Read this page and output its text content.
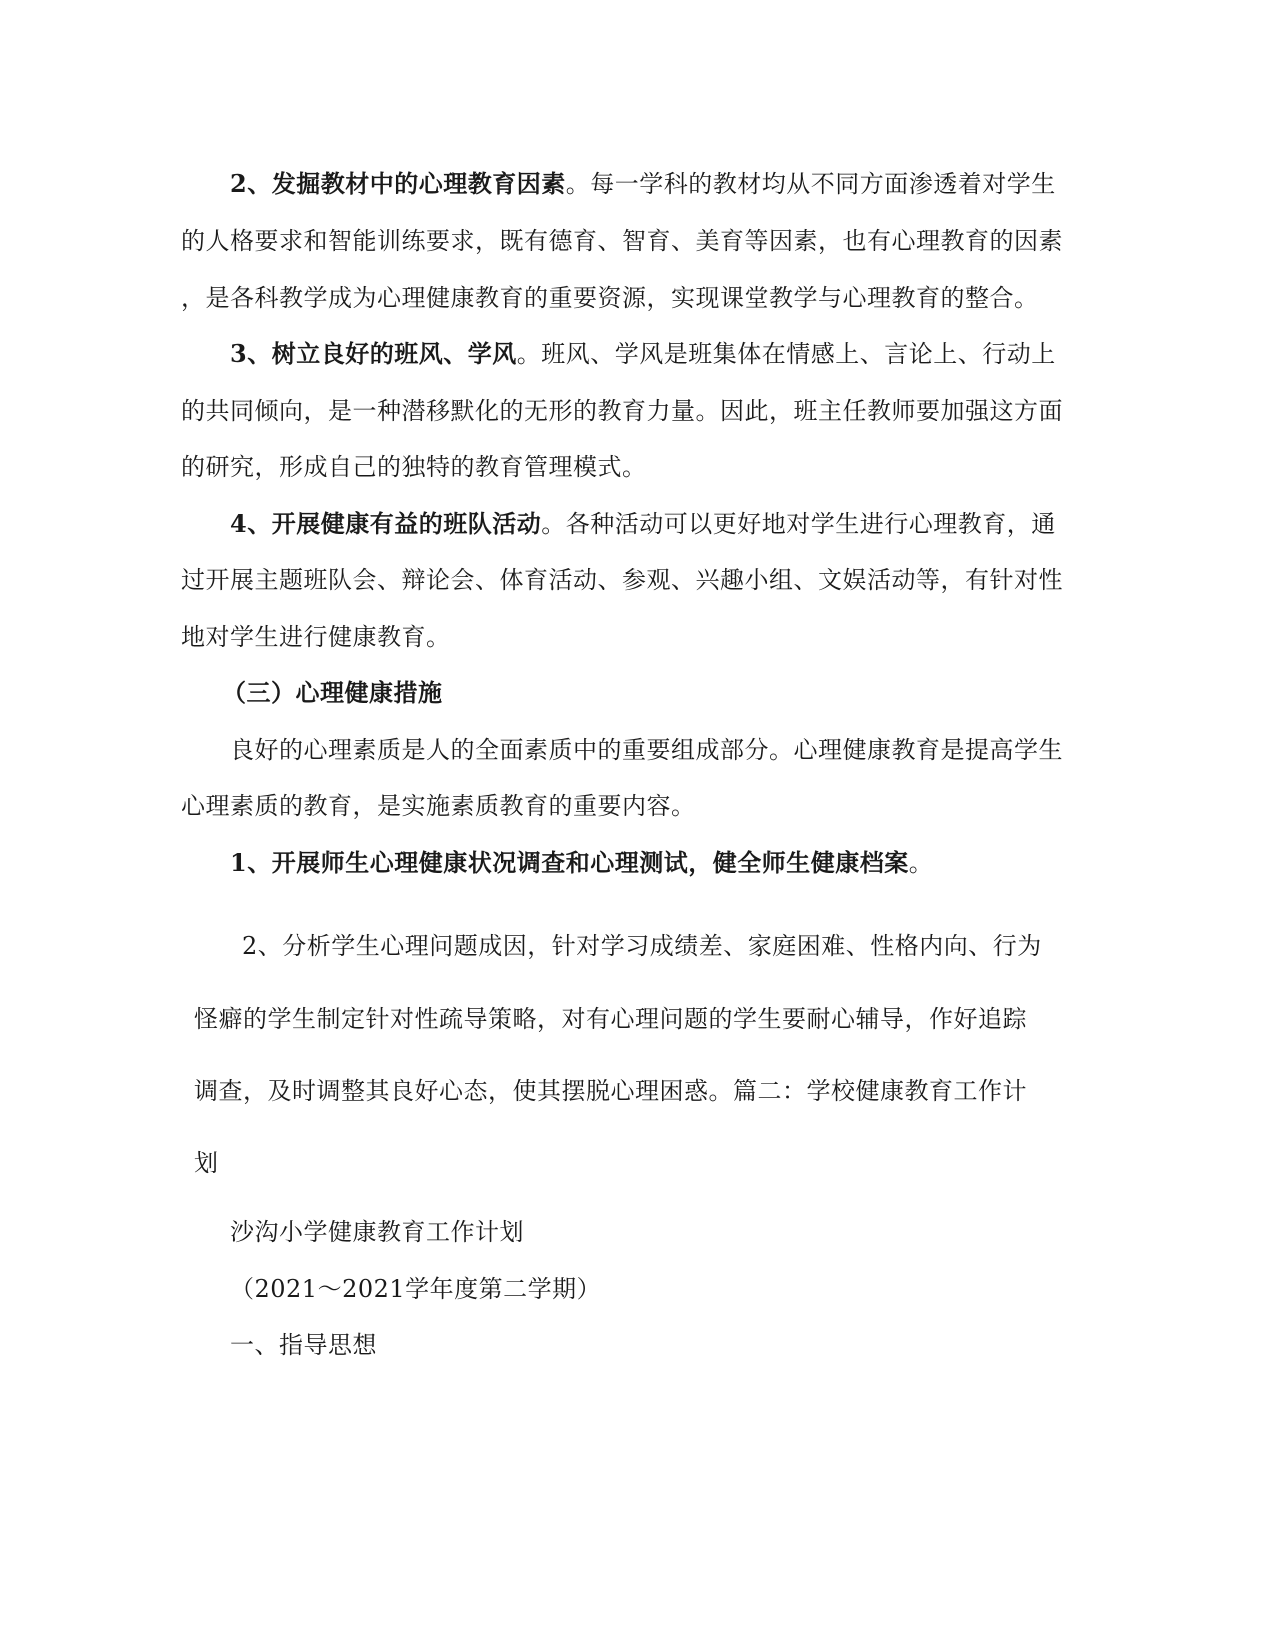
2、发掘教材中的心理教育因素。每一学科的教材均从不同方面渗透着对学生
的人格要求和智能训练要求，既有德育、智育、美育等因素，也有心理教育的因素
，是各科教学成为心理健康教育的重要资源，实现课堂教学与心理教育的整合。
3、树立良好的班风、学风。班风、学风是班集体在情感上、言论上、行动上
的共同倾向，是一种潜移默化的无形的教育力量。因此，班主任教师要加强这方面
的研究，形成自己的独特的教育管理模式。
4、开展健康有益的班队活动。各种活动可以更好地对学生进行心理教育，通
过开展主题班队会、辩论会、体育活动、参观、兴趣小组、文娱活动等，有针对性
地对学生进行健康教育。
（三）心理健康措施
良好的心理素质是人的全面素质中的重要组成部分。心理健康教育是提高学生
心理素质的教育，是实施素质教育的重要内容。
1、开展师生心理健康状况调查和心理测试，健全师生健康档案。
2、分析学生心理问题成因，针对学习成绩差、家庭困难、性格内向、行为
怪癖的学生制定针对性疏导策略，对有心理问题的学生要耐心辅导，作好追踪
调查，及时调整其良好心态，使其摆脱心理困惑。篇二：学校健康教育工作计
划
沙沟小学健康教育工作计划
（2021～2021学年度第二学期）
一、指导思想
